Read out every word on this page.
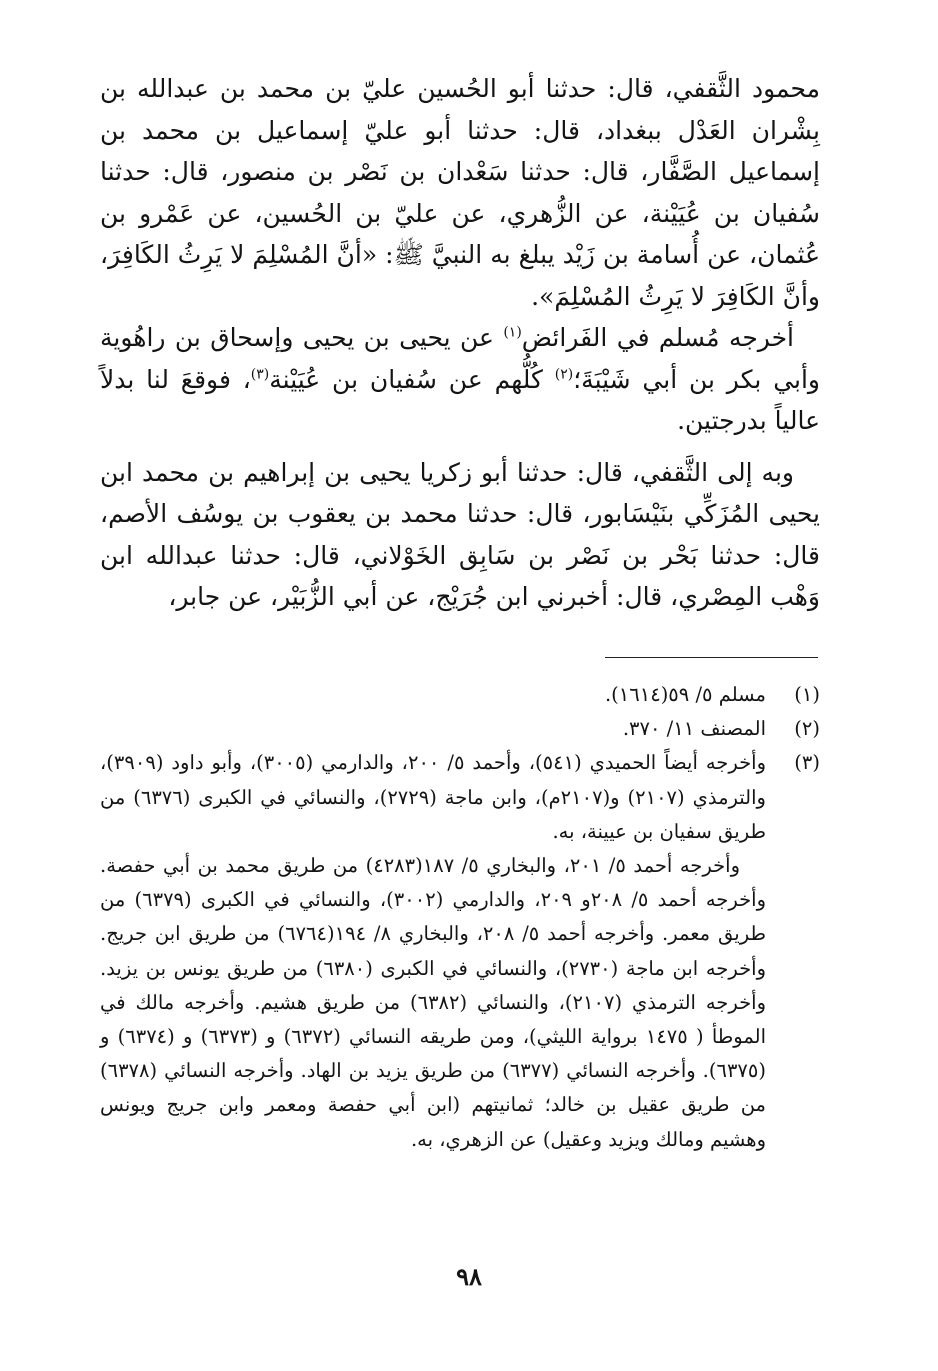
محمود الثَّقفي، قال: حدثنا أبو الحُسين عليّ بن محمد بن عبدالله بن بِشْران العَدْل ببغداد، قال: حدثنا أبو عليّ إسماعيل بن محمد بن إسماعيل الصَّفَّار، قال: حدثنا سَعْدان بن نَصْر بن منصور، قال: حدثنا سُفيان بن عُيَيْنة، عن الزُّهري، عن عليّ بن الحُسين، عن عَمْرو بن عُثمان، عن أُسامة بن زَيْد يبلغ به النبيَّ ﷺ: «أنَّ المُسْلِمَ لا يَرِثُ الكَافِرَ، وأنَّ الكَافِرَ لا يَرِثُ المُسْلِمَ».

أخرجه مُسلم في الفَرائض$^{(١)}$ عن يحيى بن يحيى وإسحاق بن راهُوية وأبي بكر بن أبي شَيْبَةَ؛$^{(٢)}$ كُلُّهم عن سُفيان بن عُيَيْنة$^{(٣)}$، فوقعَ لنا بدلاً عالياً بدرجتين.

وبه إلى الثَّقفي، قال: حدثنا أبو زكريا يحيى بن إبراهيم بن محمد ابن يحيى المُزَكِّي بنَيْسَابور، قال: حدثنا محمد بن يعقوب بن يوسُف الأصم، قال: حدثنا بَحْر بن نَصْر بن سَابِق الخَوْلاني، قال: حدثنا عبدالله ابن وَهْب المِصْري، قال: أخبرني ابن جُرَيْج، عن أبي الزُّبَيْر، عن جابر،

(١)

مسلم ٥/ ٥٩(١٦١٤).

(٢)

المصنف ١١/ ٣٧٠.

(٣)

وأخرجه أيضاً الحميدي (٥٤١)، وأحمد ٥/ ٢٠٠، والدارمي (٣٠٠٥)، وأبو داود (٣٩٠٩)، والترمذي (٢١٠٧) و(٢١٠٧م)، وابن ماجة (٢٧٢٩)، والنسائي في الكبرى (٦٣٧٦) من طريق سفيان بن عيينة، به.

وأخرجه أحمد ٥/ ٢٠١، والبخاري ٥/ ١٨٧(٤٢٨٣) من طريق محمد بن أبي حفصة. وأخرجه أحمد ٥/ ٢٠٨و ٢٠٩، والدارمي (٣٠٠٢)، والنسائي في الكبرى (٦٣٧٩) من طريق معمر. وأخرجه أحمد ٥/ ٢٠٨، والبخاري ٨/ ١٩٤(٦٧٦٤) من طريق ابن جريج. وأخرجه ابن ماجة (٢٧٣٠)، والنسائي في الكبرى (٦٣٨٠) من طريق يونس بن يزيد. وأخرجه الترمذي (٢١٠٧)، والنسائي (٦٣٨٢) من طريق هشيم. وأخرجه مالك في الموطأ ( ١٤٧٥ برواية الليثي)، ومن طريقه النسائي (٦٣٧٢) و (٦٣٧٣) و (٦٣٧٤) و (٦٣٧٥). وأخرجه النسائي (٦٣٧٧) من طريق يزيد بن الهاد. وأخرجه النسائي (٦٣٧٨) من طريق عقيل بن خالد؛ ثمانيتهم (ابن أبي حفصة ومعمر وابن جريج ويونس وهشيم ومالك ويزيد وعقيل) عن الزهري، به.

٩٨
